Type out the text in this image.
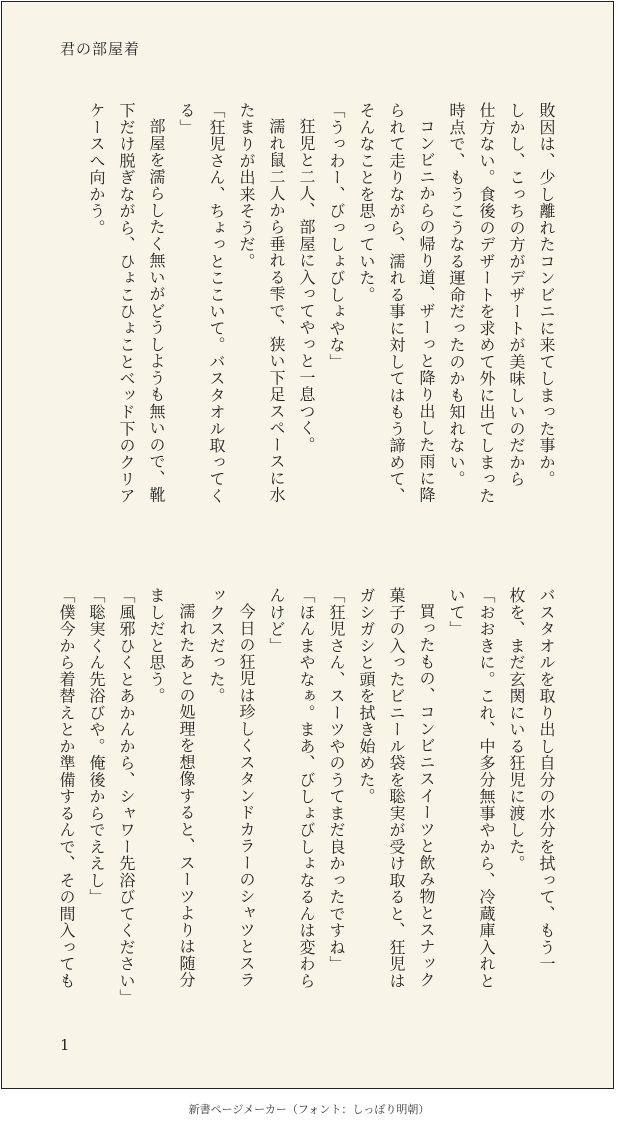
君の部屋着

敗因は、少し離れたコンビニに来てしまった事か。

しかし、こっちの方がデザートが美味しいのだから

仕方ない。食後のデザートを求めて外に出てしまった

時点で、もうこうなる運命だったのかも知れない。

コンビニからの帰り道、ザーっと降り出した雨に降

られて走りながら、濡れる事に対してはもう諦めて、

そんなことを思っていた。

「うっわー、びっしょびしょやな」

狂児と二人、部屋に入ってやっと一息つく。

濡れ鼠二人から垂れる雫で、狭い下足スペースに水

たまりが出来そうだ。

「狂児さん、ちょっとここいて。バスタオル取ってく

る」

部屋を濡らしたく無いがどうしようも無いので、靴

下だけ脱ぎながら、ひょこひょことベッド下のクリア

ケースへ向かう。

バスタオルを取り出し自分の水分を拭って、もう一

枚を、まだ玄関にいる狂児に渡した。

「おおきに。これ、中多分無事やから、冷蔵庫入れと

いて」

買ったもの、コンビニスイーツと飲み物とスナック

菓子の入ったビニール袋を聡実が受け取ると、狂児は

ガシガシと頭を拭き始めた。

「狂児さん、スーツやのうてまだ良かったですね」

「ほんまやなぁ。まあ、びしょびしょなるんは変わら

んけど」

今日の狂児は珍しくスタンドカラーのシャツとスラ

ックスだった。

濡れたあとの処理を想像すると、スーツよりは随分

ましだと思う。

「風邪ひくとあかんから、シャワー先浴びてください」

「聡実くん先浴びや。俺後からでええし」

「僕今から着替えとか準備するんで、その間入っても

1
新書ページメーカー（フォント：しっぽり明朝）
